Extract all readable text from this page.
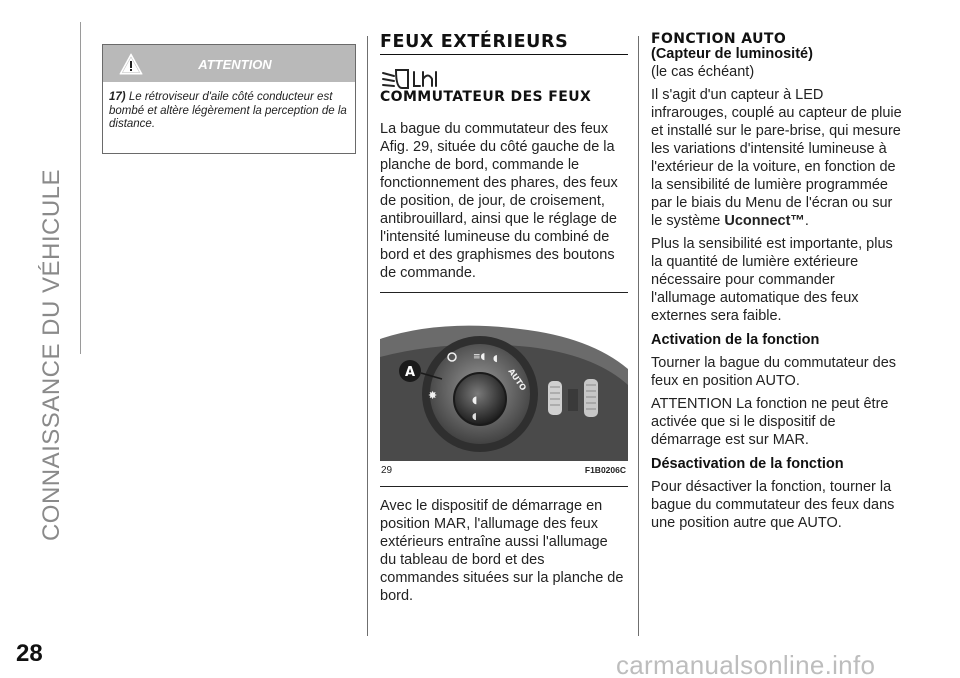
CONNAISSANCE DU VÉHICULE
ATTENTION
17) Le rétroviseur d'aile côté conducteur est bombé et altère légèrement la perception de la distance.
FEUX EXTÉRIEURS
COMMUTATEUR DES FEUX
La bague du commutateur des feux Afig. 29, située du côté gauche de la planche de bord, commande le fonctionnement des phares, des feux de position, de jour, de croisement, antibrouillard, ainsi que le réglage de l'intensité lumineuse du combiné de bord et des graphismes des boutons de commande.
≡◖ ◖
AUTO
✸	◖
◖
A
29	F1B0206C
Avec le dispositif de démarrage en position MAR, l'allumage des feux extérieurs entraîne aussi l'allumage du tableau de bord et des commandes situées sur la planche de bord.
FONCTION AUTO
(Capteur de luminosité)
(le cas échéant)
Il s'agit d'un capteur à LED infrarouges, couplé au capteur de pluie et installé sur le pare-brise, qui mesure les variations d'intensité lumineuse à l'extérieur de la voiture, en fonction de la sensibilité de lumière programmée par le biais du Menu de l'écran ou sur le système Uconnect™.
Plus la sensibilité est importante, plus la quantité de lumière extérieure nécessaire pour commander l'allumage automatique des feux externes sera faible.
Activation de la fonction
Tourner la bague du commutateur des feux en position AUTO.
ATTENTION La fonction ne peut être activée que si le dispositif de démarrage est sur MAR.
Désactivation de la fonction
Pour désactiver la fonction, tourner la bague du commutateur des feux dans une position autre que AUTO.
28	carmanualsonline.info
